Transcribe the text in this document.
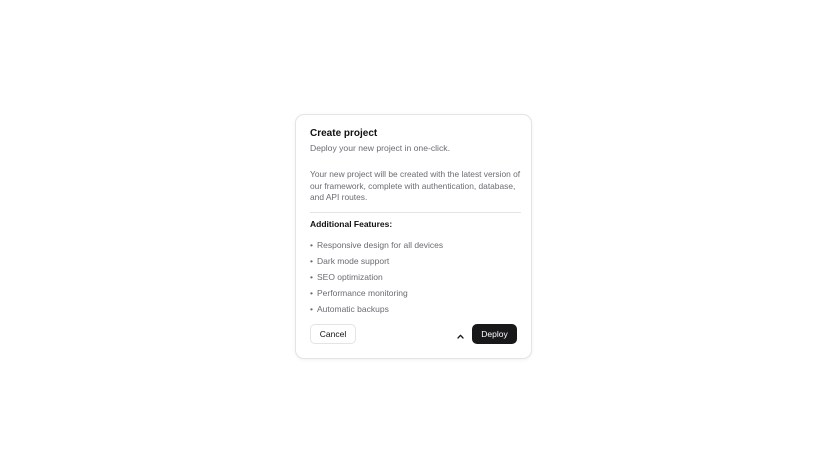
Create project
Deploy your new project in one-click.
Your new project will be created with the latest version of our framework, complete with authentication, database, and API routes.
Additional Features:
• Responsive design for all devices
• Dark mode support
• SEO optimization
• Performance monitoring
• Automatic backups
Cancel	Deploy
